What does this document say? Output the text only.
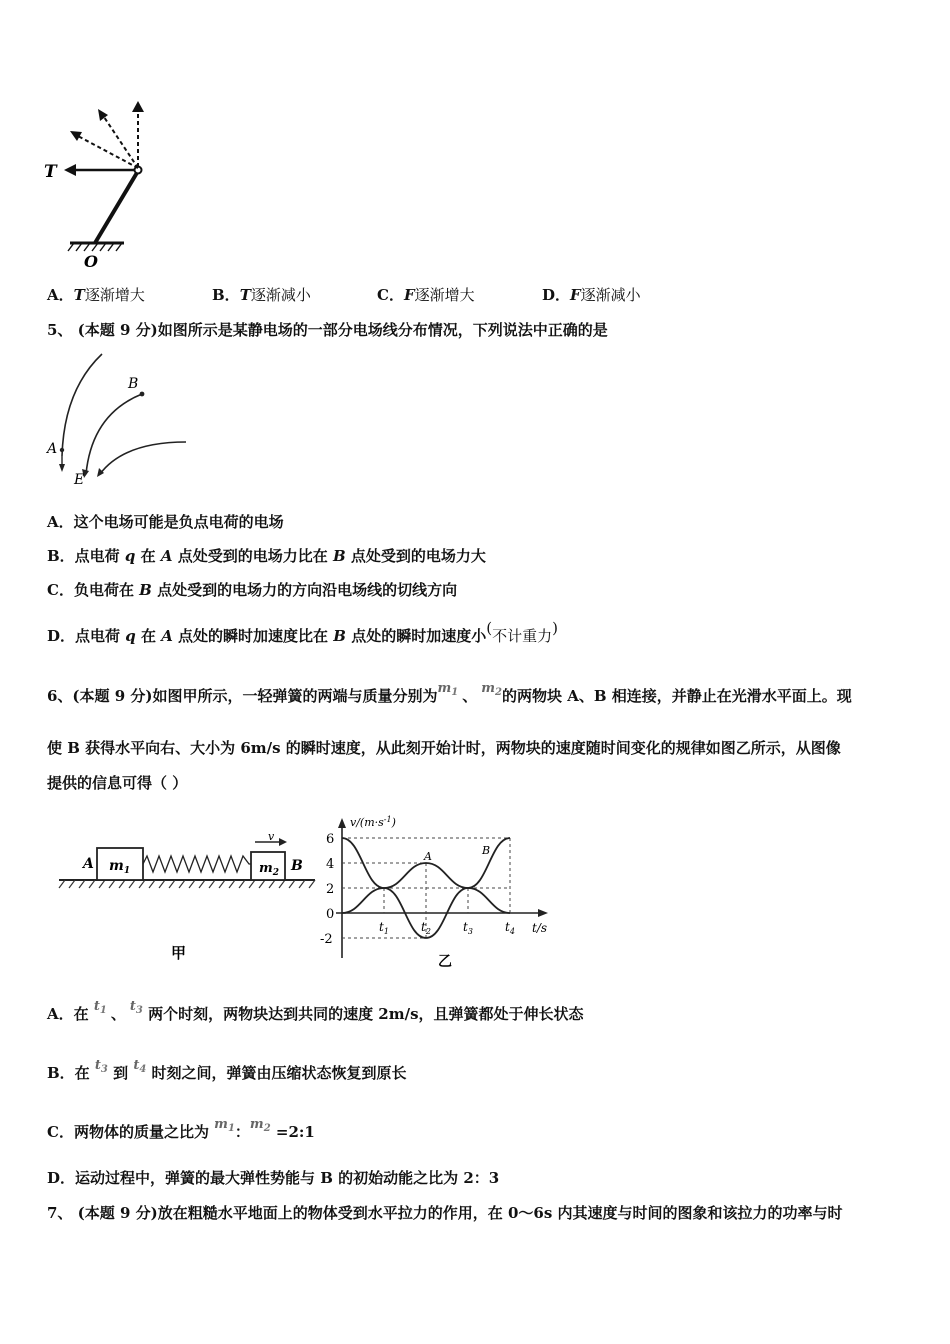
T
O
A．T逐渐增大	B．T逐渐减小	C．F逐渐增大	D．F逐渐减小
5、 (本题 9 分)如图所示是某静电场的一部分电场线分布情况，下列说法中正确的是
A
B
E
A．这个电场可能是负点电荷的电场
B．点电荷 q 在 A 点处受到的电场力比在 B 点处受到的电场力大
C．负电荷在 B 点处受到的电场力的方向沿电场线的切线方向
D．点电荷 q 在 A 点处的瞬时加速度比在 B 点处的瞬时加速度小(不计重力)
6、(本题 9 分)如图甲所示，一轻弹簧的两端与质量分别为$m^1$ 、 $m^2$的两物块 A、B 相连接，并静止在光滑水平面上。现
使 B 获得水平向右、大小为 6m/s 的瞬时速度，从此刻开始计时，两物块的速度随时间变化的规律如图乙所示，从图像
提供的信息可得（ ）
v
A $m_1$	$m_2$ B
甲
6
4
2
0
-2
$t_1$	$t_2$	$t_3$	$t_4$
$v/(m\cdot s^{-1})$
t/s
A	B
乙
A．在 $t^1$ 、 $t^3$ 两个时刻，两物块达到共同的速度 2m/s，且弹簧都处于伸长状态
B．在 $t^3$ 到 $t^4$ 时刻之间，弹簧由压缩状态恢复到原长
C．两物体的质量之比为 $m^1$：$m^2$ =2:1
D．运动过程中，弹簧的最大弹性势能与 B 的初始动能之比为 2：3
7、 (本题 9 分)放在粗糙水平地面上的物体受到水平拉力的作用，在 0～6s 内其速度与时间的图象和该拉力的功率与时
